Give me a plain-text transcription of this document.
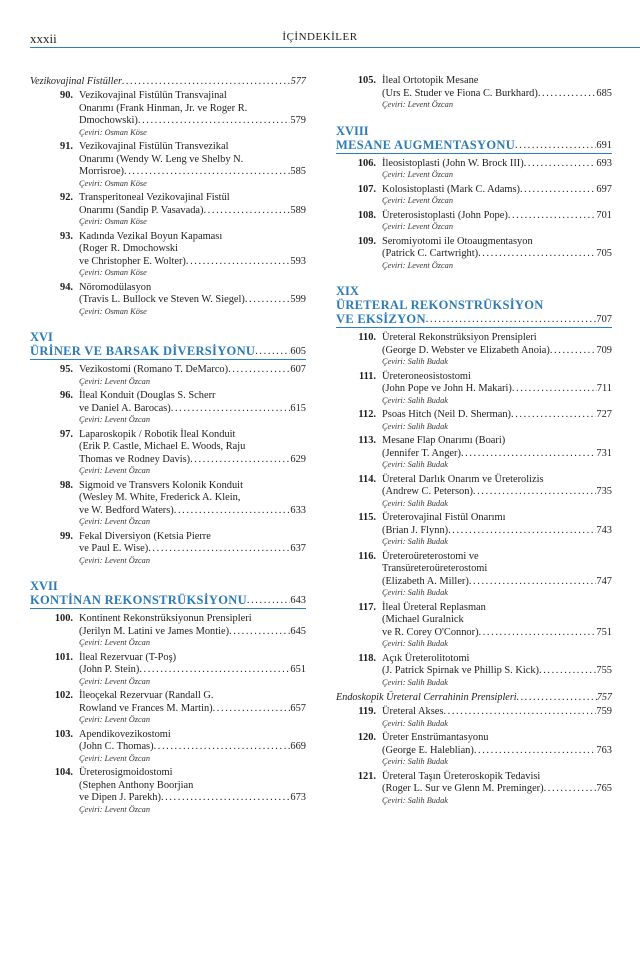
xxxii	İÇİNDEKİLER
Vezikovajinal Fistüller .....	577
90. Vezikovajinal Fistülün Transvajinal
Onarımı (Frank Hinman, Jr. ve Roger R.
Dmochowski) .....	579
Çeviri: Osman Köse
91. Vezikovajinal Fistülün Transvezikal
Onarımı (Wendy W. Leng ve Shelby N.
Morrisroe) .....	585
Çeviri: Osman Köse
92. Transperitoneal Vezikovajinal Fistül
Onarımı (Sandip P. Vasavada) .....	589
Çeviri: Osman Köse
93. Kadında Vezikal Boyun Kapaması
(Roger R. Dmochowski
ve Christopher E. Wolter) .....	593
Çeviri: Osman Köse
94. Nöromodülasyon
(Travis L. Bullock ve Steven W. Siegel) .....	599
Çeviri: Osman Köse
XVI
ÜRİNER VE BARSAK DİVERSİYONU .....	605
95. Vezikostomi (Romano T. DeMarco) .....	607
Çeviri: Levent Özcan
96. İleal Konduit (Douglas S. Scherr
ve Daniel A. Barocas) .....	615
Çeviri: Levent Özcan
97. Laparoskopik / Robotik İleal Konduit
(Erik P. Castle, Michael E. Woods, Raju
Thomas ve Rodney Davis) .....	629
Çeviri: Levent Özcan
98. Sigmoid ve Transvers Kolonik Konduit
(Wesley M. White, Frederick A. Klein,
ve W. Bedford Waters) .....	633
Çeviri: Levent Özcan
99. Fekal Diversiyon (Ketsia Pierre
ve Paul E. Wise) .....	637
Çeviri: Levent Özcan
XVII
KONTİNAN REKONSTRÜKSİYONU .....	643
100. Kontinent Rekonstrüksiyonun Prensipleri
(Jerilyn M. Latini ve James Montie) .....	645
Çeviri: Levent Özcan
101. İleal Rezervuar (T-Poş)
(John P. Stein) .....	651
Çeviri: Levent Özcan
102. İleoçekal Rezervuar (Randall G.
Rowland ve Frances M. Martin) .....	657
Çeviri: Levent Özcan
103. Apendikovezikostomi
(John C. Thomas) .....	669
Çeviri: Levent Özcan
104. Üreterosigmoidostomi
(Stephen Anthony Boorjian
ve Dipen J. Parekh) .....	673
Çeviri: Levent Özcan
105. İleal Ortotopik Mesane
(Urs E. Studer ve Fiona C. Burkhard) .....	685
Çeviri: Levent Özcan
XVIII
MESANE AUGMENTASYONU .....	691
106. İleosistoplasti (John W. Brock III) .....	693
Çeviri: Levent Özcan
107. Kolosistoplasti (Mark C. Adams) .....	697
Çeviri: Levent Özcan
108. Üreterosistoplasti (John Pope) .....	701
Çeviri: Levent Özcan
109. Seromiyotomi ile Otoaugmentasyon
(Patrick C. Cartwright) .....	705
Çeviri: Levent Özcan
XIX
ÜRETERAL REKONSTRÜKSİYON
VE EKSİZYON .....	707
110. Üreteral Rekonstrüksiyon Prensipleri
(George D. Webster ve Elizabeth Anoia) .....	709
Çeviri: Salih Budak
111. Üreteroneosistostomi
(John Pope ve John H. Makari) .....	711
Çeviri: Salih Budak
112. Psoas Hitch (Neil D. Sherman) .....	727
Çeviri: Salih Budak
113. Mesane Flap Onarımı (Boari)
(Jennifer T. Anger) .....	731
Çeviri: Salih Budak
114. Üreteral Darlık Onarım ve Üreterolizis
(Andrew C. Peterson) .....	735
Çeviri: Salih Budak
115. Üreterovajinal Fistül Onarımı
(Brian J. Flynn) .....	743
Çeviri: Salih Budak
116. Üreteroüreterostomi ve
Transüreteroüreterostomi
(Elizabeth A. Miller) .....	747
Çeviri: Salih Budak
117. İleal Üreteral Replasman
(Michael Guralnick
ve R. Corey O'Connor) .....	751
Çeviri: Salih Budak
118. Açık Üreterolitotomi
(J. Patrick Spirnak ve Phillip S. Kick) .....	755
Çeviri: Salih Budak
Endoskopik Üreteral Cerrahinin Prensipleri .....	757
119. Üreteral Akses .....	759
Çeviri: Salih Budak
120. Üreter Enstrümantasyonu
(George E. Haleblian) .....	763
Çeviri: Salih Budak
121. Üreteral Taşın Üreteroskopik Tedavisi
(Roger L. Sur ve Glenn M. Preminger) .....	765
Çeviri: Salih Budak
